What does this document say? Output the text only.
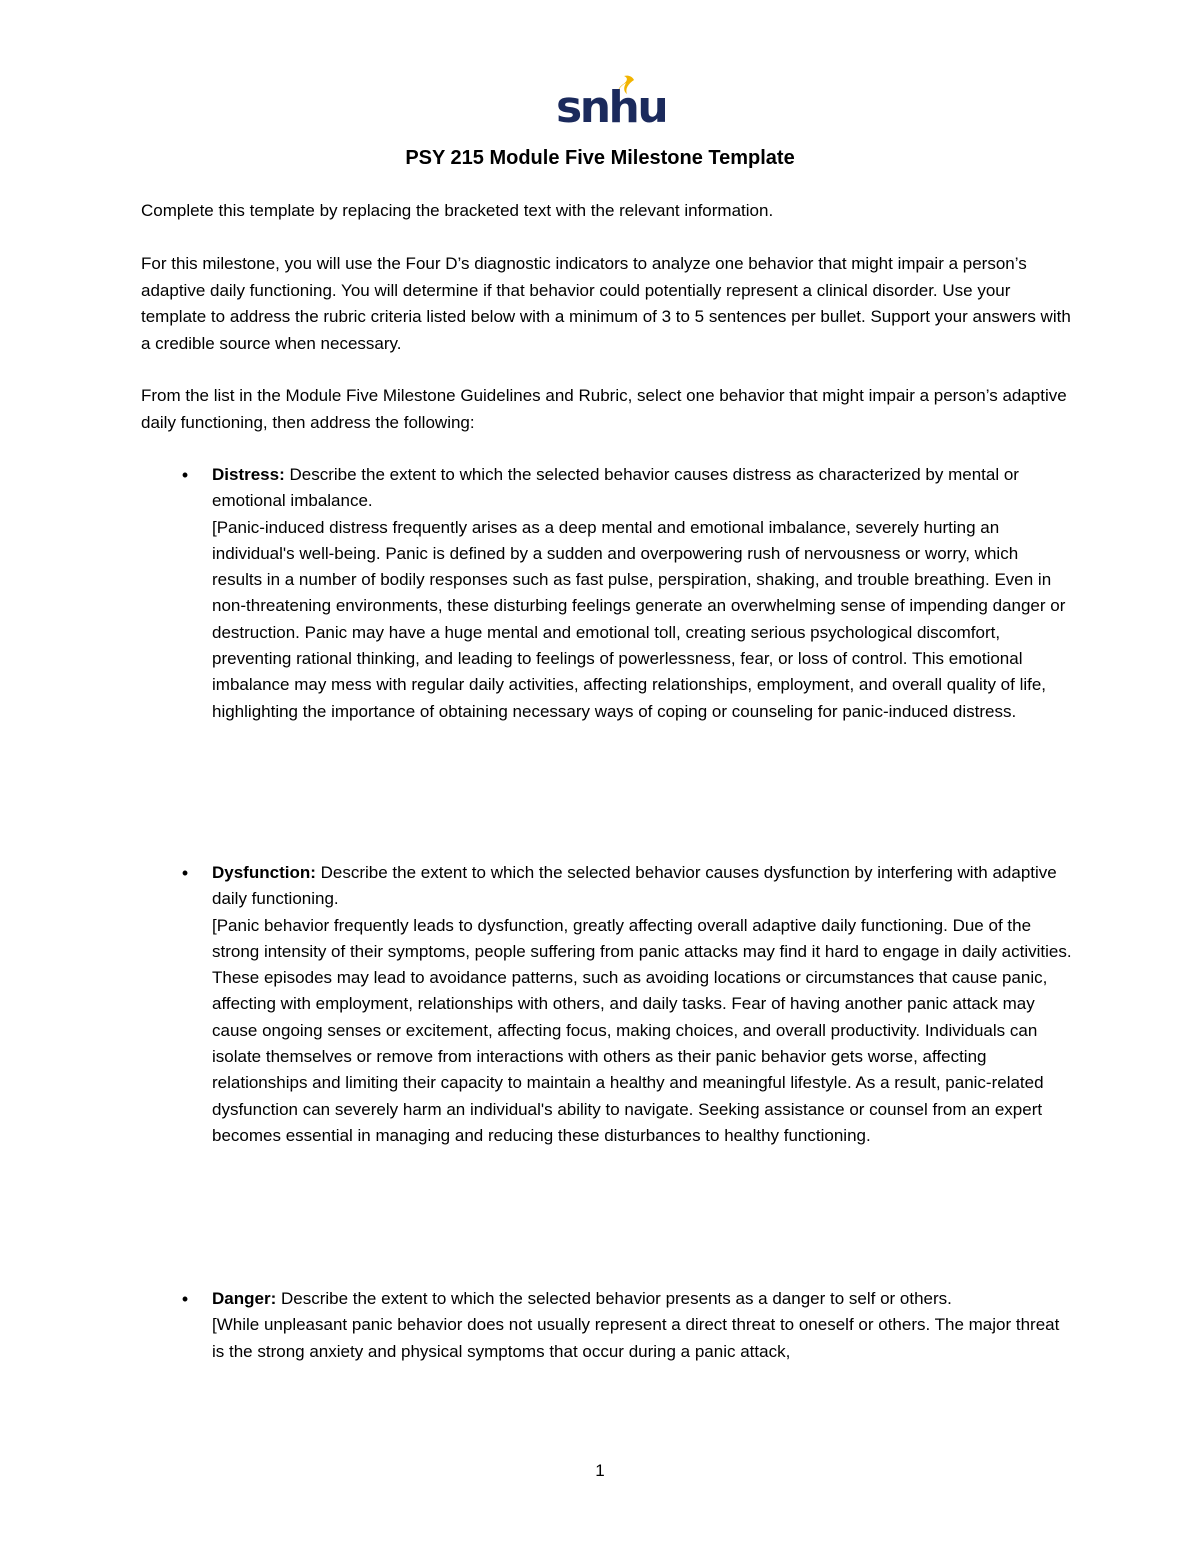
snhu
PSY 215 Module Five Milestone Template
Complete this template by replacing the bracketed text with the relevant information.
For this milestone, you will use the Four D’s diagnostic indicators to analyze one behavior that might impair a person’s adaptive daily functioning. You will determine if that behavior could potentially represent a clinical disorder. Use your template to address the rubric criteria listed below with a minimum of 3 to 5 sentences per bullet. Support your answers with a credible source when necessary.
From the list in the Module Five Milestone Guidelines and Rubric, select one behavior that might impair a person’s adaptive daily functioning, then address the following:
•	Distress: Describe the extent to which the selected behavior causes distress as characterized by mental or emotional imbalance.
[Panic-induced distress frequently arises as a deep mental and emotional imbalance, severely hurting an individual's well-being. Panic is defined by a sudden and overpowering rush of nervousness or worry, which results in a number of bodily responses such as fast pulse, perspiration, shaking, and trouble breathing. Even in non-threatening environments, these disturbing feelings generate an overwhelming sense of impending danger or destruction. Panic may have a huge mental and emotional toll, creating serious psychological discomfort, preventing rational thinking, and leading to feelings of powerlessness, fear, or loss of control. This emotional imbalance may mess with regular daily activities, affecting relationships, employment, and overall quality of life, highlighting the importance of obtaining necessary ways of coping or counseling for panic-induced distress.
•	Dysfunction: Describe the extent to which the selected behavior causes dysfunction by interfering with adaptive daily functioning.
[Panic behavior frequently leads to dysfunction, greatly affecting overall adaptive daily functioning. Due of the strong intensity of their symptoms, people suffering from panic attacks may find it hard to engage in daily activities. These episodes may lead to avoidance patterns, such as avoiding locations or circumstances that cause panic, affecting with employment, relationships with others, and daily tasks. Fear of having another panic attack may cause ongoing senses or excitement, affecting focus, making choices, and overall productivity. Individuals can isolate themselves or remove from interactions with others as their panic behavior gets worse, affecting relationships and limiting their capacity to maintain a healthy and meaningful lifestyle. As a result, panic-related dysfunction can severely harm an individual's ability to navigate. Seeking assistance or counsel from an expert becomes essential in managing and reducing these disturbances to healthy functioning.
•	Danger: Describe the extent to which the selected behavior presents as a danger to self or others.
[While unpleasant panic behavior does not usually represent a direct threat to oneself or others. The major threat is the strong anxiety and physical symptoms that occur during a panic attack,
1
